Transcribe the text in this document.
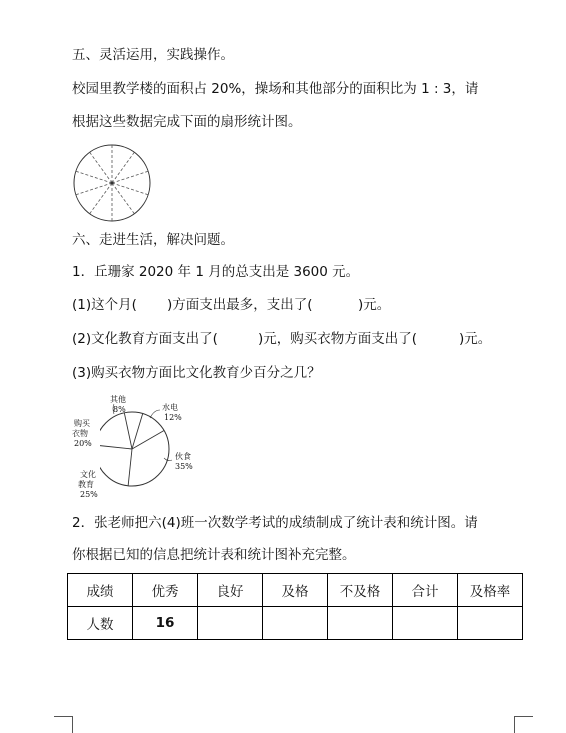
五、灵活运用，实践操作。
校园里教学楼的面积占 20%，操场和其他部分的面积比为 1 : 3，请
根据这些数据完成下面的扇形统计图。
六、走进生活，解决问题。
1．丘珊家 2020 年 1 月的总支出是 3600 元。
(1)这个月( )方面支出最多，支出了(	)元。
(2)文化教育方面支出了(	)元，购买衣物方面支出了(	)元。
(3)购买衣物方面比文化教育少百分之几？
其他
8%	水电
12%
伙食
35%
文化
教育
25%
购买
衣物
20%
2．张老师把六(4)班一次数学考试的成绩制成了统计表和统计图。请
你根据已知的信息把统计表和统计图补充完整。
成绩	优秀	良好	及格	不及格	合计	及格率
人数	16					
